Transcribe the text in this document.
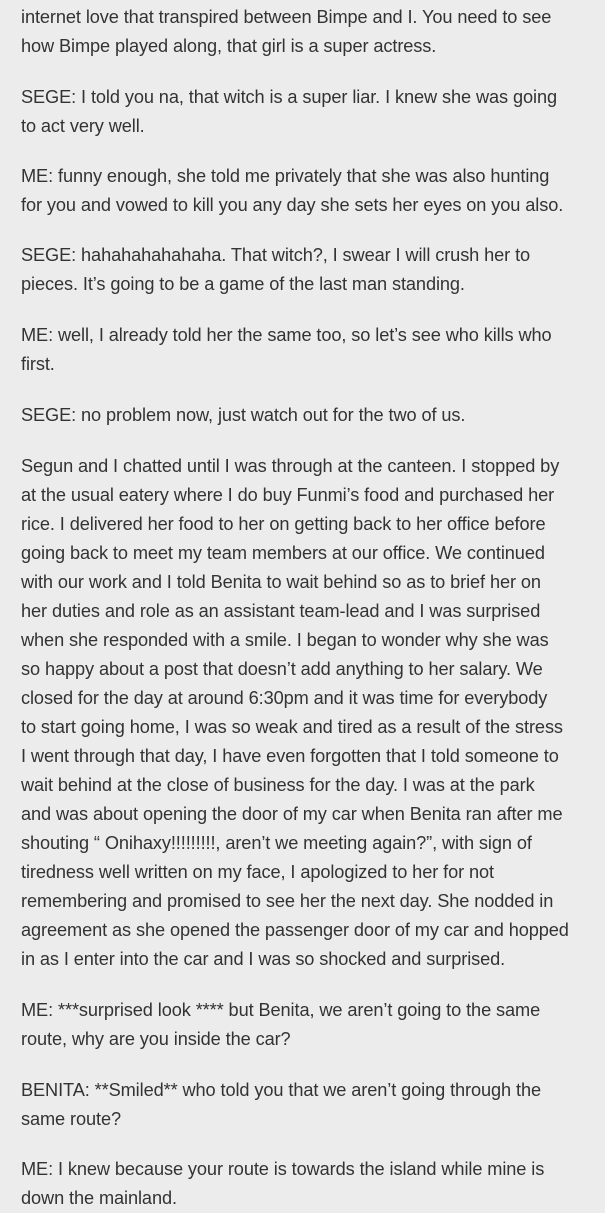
internet love that transpired between Bimpe and I. You need to see
how Bimpe played along, that girl is a super actress.

SEGE: I told you na, that witch is a super liar. I knew she was going
to act very well.

ME: funny enough, she told me privately that she was also hunting
for you and vowed to kill you any day she sets her eyes on you also.

SEGE: hahahahahahaha. That witch?, I swear I will crush her to
pieces. It’s going to be a game of the last man standing.

ME: well, I already told her the same too, so let’s see who kills who
first.

SEGE: no problem now, just watch out for the two of us.

Segun and I chatted until I was through at the canteen. I stopped by
at the usual eatery where I do buy Funmi’s food and purchased her
rice. I delivered her food to her on getting back to her office before
going back to meet my team members at our office. We continued
with our work and I told Benita to wait behind so as to brief her on
her duties and role as an assistant team-lead and I was surprised
when she responded with a smile. I began to wonder why she was
so happy about a post that doesn’t add anything to her salary. We
closed for the day at around 6:30pm and it was time for everybody
to start going home, I was so weak and tired as a result of the stress
I went through that day, I have even forgotten that I told someone to
wait behind at the close of business for the day. I was at the park
and was about opening the door of my car when Benita ran after me
shouting “ Onihaxy!!!!!!!!!, aren’t we meeting again?”, with sign of
tiredness well written on my face, I apologized to her for not
remembering and promised to see her the next day. She nodded in
agreement as she opened the passenger door of my car and hopped
in as I enter into the car and I was so shocked and surprised.

ME: ***surprised look **** but Benita, we aren’t going to the same
route, why are you inside the car?

BENITA: **Smiled** who told you that we aren’t going through the
same route?

ME: I knew because your route is towards the island while mine is
down the mainland.
